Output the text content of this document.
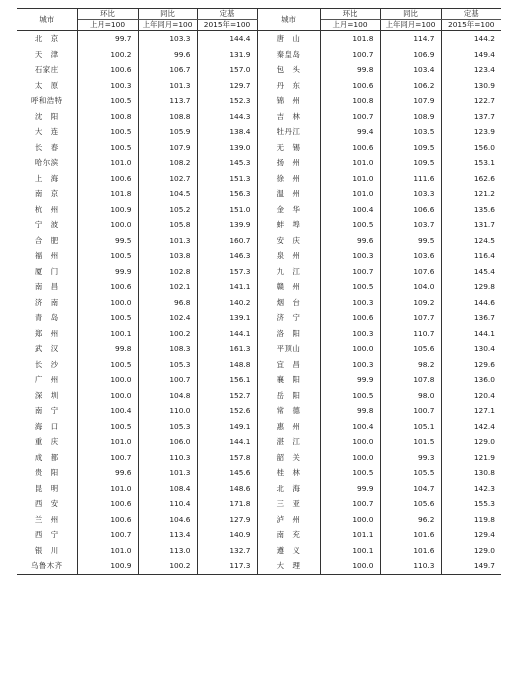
城市	环比	同比	定基	城市	环比	同比	定基
	上月=100	上年同月=100	2015年=100		上月=100	上年同月=100	2015年=100
北　京	99.7	103.3	144.4	唐　山	101.8	114.7	144.2
天　津	100.2	99.6	131.9	秦皇岛	100.7	106.9	149.4
石家庄	100.6	106.7	157.0	包　头	99.8	103.4	123.4
太　原	100.3	101.3	129.7	丹　东	100.6	106.2	130.9
呼和浩特	100.5	113.7	152.3	锦　州	100.8	107.9	122.7
沈　阳	100.8	108.8	144.3	吉　林	100.7	108.9	137.7
大　连	100.5	105.9	138.4	牡丹江	99.4	103.5	123.9
长　春	100.5	107.9	139.0	无　锡	100.6	109.5	156.0
哈尔滨	101.0	108.2	145.3	扬　州	101.0	109.5	153.1
上　海	100.6	102.7	151.3	徐　州	101.0	111.6	162.6
南　京	101.8	104.5	156.3	温　州	101.0	103.3	121.2
杭　州	100.9	105.2	151.0	金　华	100.4	106.6	135.6
宁　波	100.0	105.8	139.9	蚌　埠	100.5	103.7	131.7
合　肥	99.5	101.3	160.7	安　庆	99.6	99.5	124.5
福　州	100.5	103.8	146.3	泉　州	100.3	103.6	116.4
厦　门	99.9	102.8	157.3	九　江	100.7	107.6	145.4
南　昌	100.6	102.1	141.1	赣　州	100.5	104.0	129.8
济　南	100.0	96.8	140.2	烟　台	100.3	109.2	144.6
青　岛	100.5	102.4	139.1	济　宁	100.6	107.7	136.7
郑　州	100.1	100.2	144.1	洛　阳	100.3	110.7	144.1
武　汉	99.8	108.3	161.3	平顶山	100.0	105.6	130.4
长　沙	100.5	105.3	148.8	宜　昌	100.3	98.2	129.6
广　州	100.0	100.7	156.1	襄　阳	99.9	107.8	136.0
深　圳	100.0	104.8	152.7	岳　阳	100.5	98.0	120.4
南　宁	100.4	110.0	152.6	常　德	99.8	100.7	127.1
海　口	100.5	105.3	149.1	惠　州	100.4	105.1	142.4
重　庆	101.0	106.0	144.1	湛　江	100.0	101.5	129.0
成　都	100.7	110.3	157.8	韶　关	100.0	99.3	121.9
贵　阳	99.6	101.3	145.6	桂　林	100.5	105.5	130.8
昆　明	101.0	108.4	148.6	北　海	99.9	104.7	142.3
西　安	100.6	110.4	171.8	三　亚	100.7	105.6	155.3
兰　州	100.6	104.6	127.9	泸　州	100.0	96.2	119.8
西　宁	100.7	113.4	140.9	南　充	101.1	101.6	129.4
银　川	101.0	113.0	132.7	遵　义	100.1	101.6	129.0
乌鲁木齐	100.9	100.2	117.3	大　理	100.0	110.3	149.7
